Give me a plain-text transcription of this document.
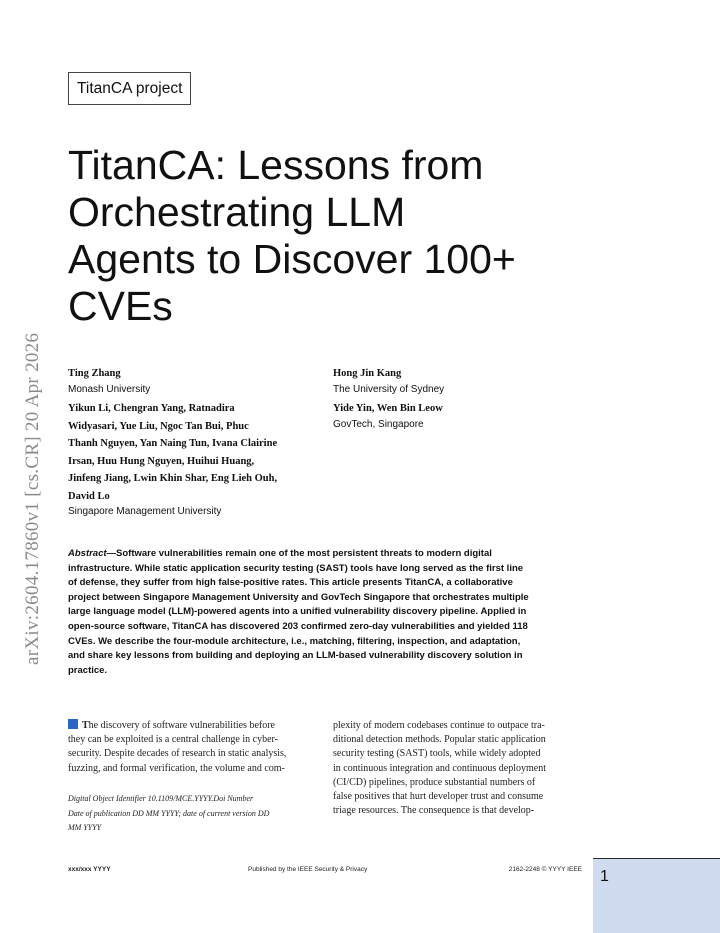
arXiv:2604.17860v1 [cs.CR] 20 Apr 2026
TitanCA project
TitanCA: Lessons from
Orchestrating LLM
Agents to Discover 100+
CVEs
Ting Zhang
Monash University
Yikun Li, Chengran Yang, Ratnadira
Widyasari, Yue Liu, Ngoc Tan Bui, Phuc
Thanh Nguyen, Yan Naing Tun, Ivana Clairine
Irsan, Huu Hung Nguyen, Huihui Huang,
Jinfeng Jiang, Lwin Khin Shar, Eng Lieh Ouh,
David Lo
Singapore Management University
Hong Jin Kang
The University of Sydney
Yide Yin, Wen Bin Leow
GovTech, Singapore
Abstract—Software vulnerabilities remain one of the most persistent threats to modern digital
infrastructure. While static application security testing (SAST) tools have long served as the first line
of defense, they suffer from high false-positive rates. This article presents TitanCA, a collaborative
project between Singapore Management University and GovTech Singapore that orchestrates multiple
large language model (LLM)-powered agents into a unified vulnerability discovery pipeline. Applied in
open-source software, TitanCA has discovered 203 confirmed zero-day vulnerabilities and yielded 118
CVEs. We describe the four-module architecture, i.e., matching, filtering, inspection, and adaptation,
and share key lessons from building and deploying an LLM-based vulnerability discovery solution in
practice.
The discovery of software vulnerabilities before
they can be exploited is a central challenge in cyber-
security. Despite decades of research in static analysis,
fuzzing, and formal verification, the volume and com-
Digital Object Identifier 10.1109/MCE.YYYY.Doi Number
Date of publication DD MM YYYY; date of current version DD
MM YYYY
plexity of modern codebases continue to outpace tra-
ditional detection methods. Popular static application
security testing (SAST) tools, while widely adopted
in continuous integration and continuous deployment
(CI/CD) pipelines, produce substantial numbers of
false positives that hurt developer trust and consume
triage resources. The consequence is that develop-
xxx/xxx YYYY	Published by the IEEE Security & Privacy	2162-2248 © YYYY IEEE 1
